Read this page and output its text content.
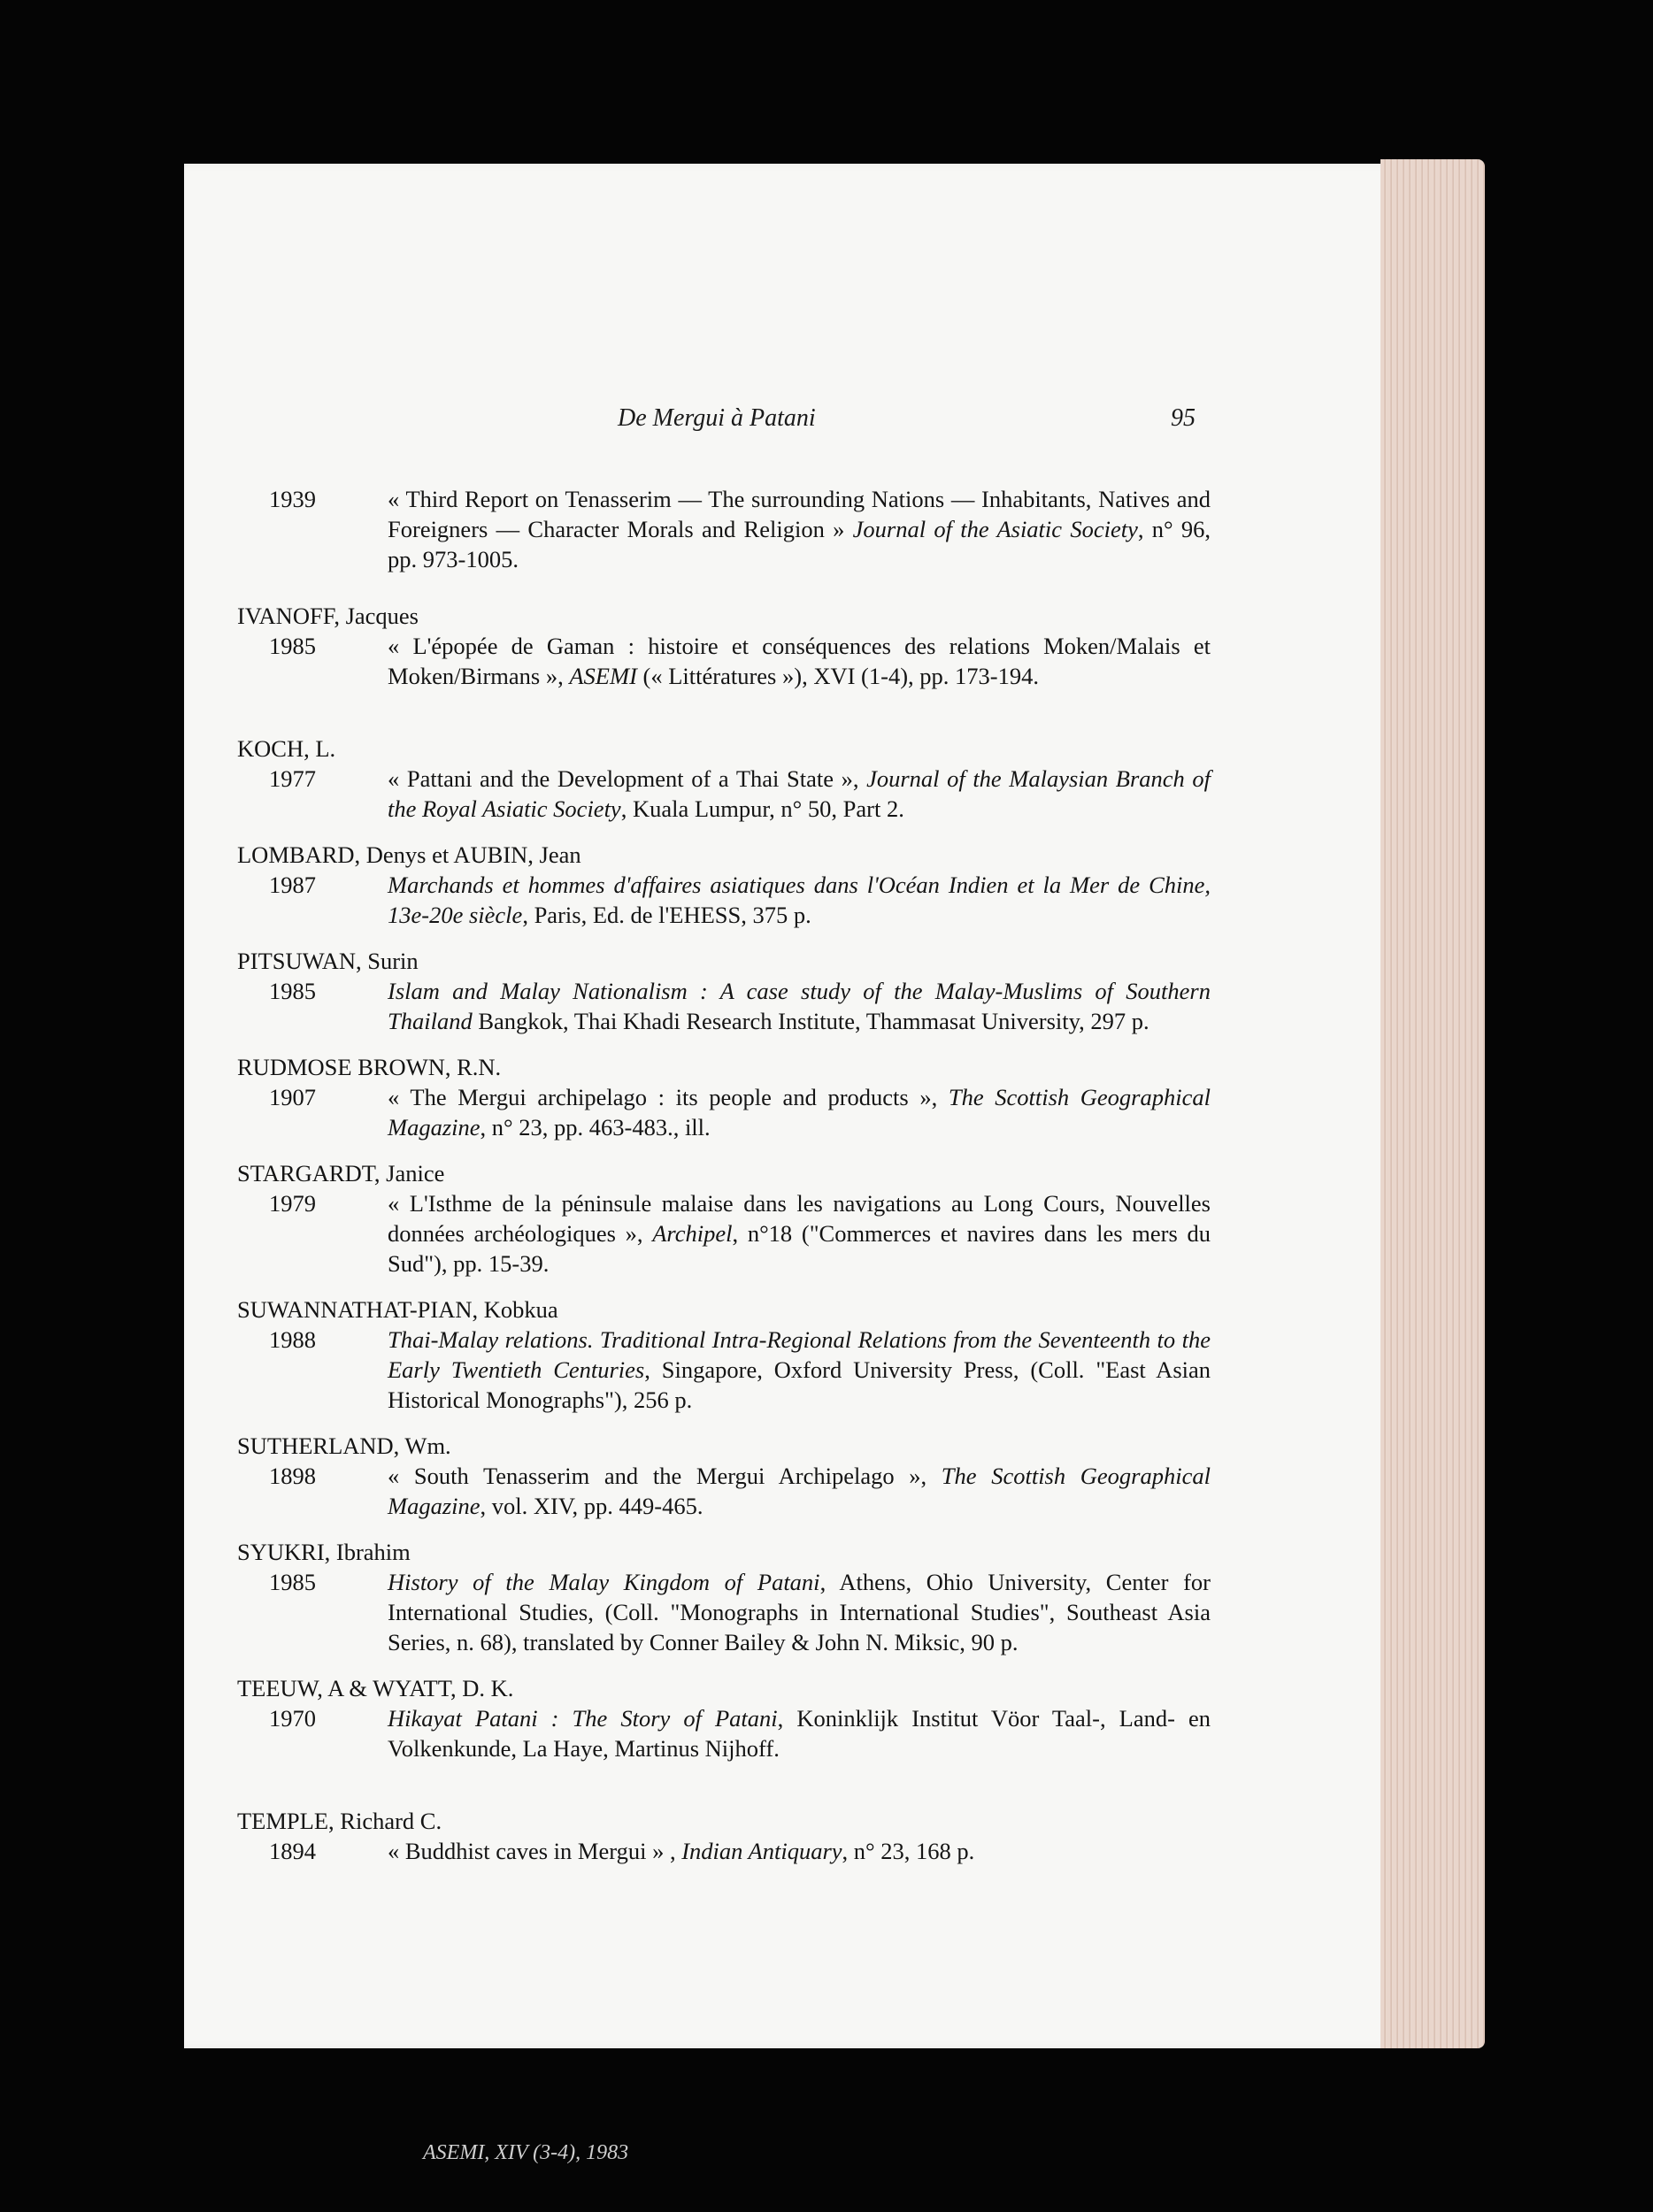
De Mergui à Patani	95
1939	« Third Report on Tenasserim — The surrounding Nations — Inhabitants, Natives and Foreigners — Character Morals and Religion » Journal of the Asiatic Society, n° 96, pp. 973-1005.
IVANOFF, Jacques
1985	« L'épopée de Gaman : histoire et conséquences des relations Moken/Malais et Moken/Birmans », ASEMI (« Littératures »), XVI (1-4), pp. 173-194.
KOCH, L.
1977	« Pattani and the Development of a Thai State », Journal of the Malaysian Branch of the Royal Asiatic Society, Kuala Lumpur, n° 50, Part 2.
LOMBARD, Denys et AUBIN, Jean
1987	Marchands et hommes d'affaires asiatiques dans l'Océan Indien et la Mer de Chine, 13e-20e siècle, Paris, Ed. de l'EHESS, 375 p.
PITSUWAN, Surin
1985	Islam and Malay Nationalism : A case study of the Malay-Muslims of Southern Thailand Bangkok, Thai Khadi Research Institute, Thammasat University, 297 p.
RUDMOSE BROWN, R.N.
1907	« The Mergui archipelago : its people and products », The Scottish Geographical Magazine, n° 23, pp. 463-483., ill.
STARGARDT, Janice
1979	« L'Isthme de la péninsule malaise dans les navigations au Long Cours, Nouvelles données archéologiques », Archipel, n°18 ("Commerces et navires dans les mers du Sud"), pp. 15-39.
SUWANNATHAT-PIAN, Kobkua
1988	Thai-Malay relations. Traditional Intra-Regional Relations from the Seventeenth to the Early Twentieth Centuries, Singapore, Oxford University Press, (Coll. "East Asian Historical Monographs"), 256 p.
SUTHERLAND, Wm.
1898	« South Tenasserim and the Mergui Archipelago », The Scottish Geographical Magazine, vol. XIV, pp. 449-465.
SYUKRI, Ibrahim
1985	History of the Malay Kingdom of Patani, Athens, Ohio University, Center for International Studies, (Coll. "Monographs in International Studies", Southeast Asia Series, n. 68), translated by Conner Bailey & John N. Miksic, 90 p.
TEEUW, A & WYATT, D. K.
1970	Hikayat Patani : The Story of Patani, Koninklijk Institut Vöor Taal-, Land- en Volkenkunde, La Haye, Martinus Nijhoff.
TEMPLE, Richard C.
1894	« Buddhist caves in Mergui » , Indian Antiquary, n° 23, 168 p.
ASEMI, XIV (3-4), 1983
